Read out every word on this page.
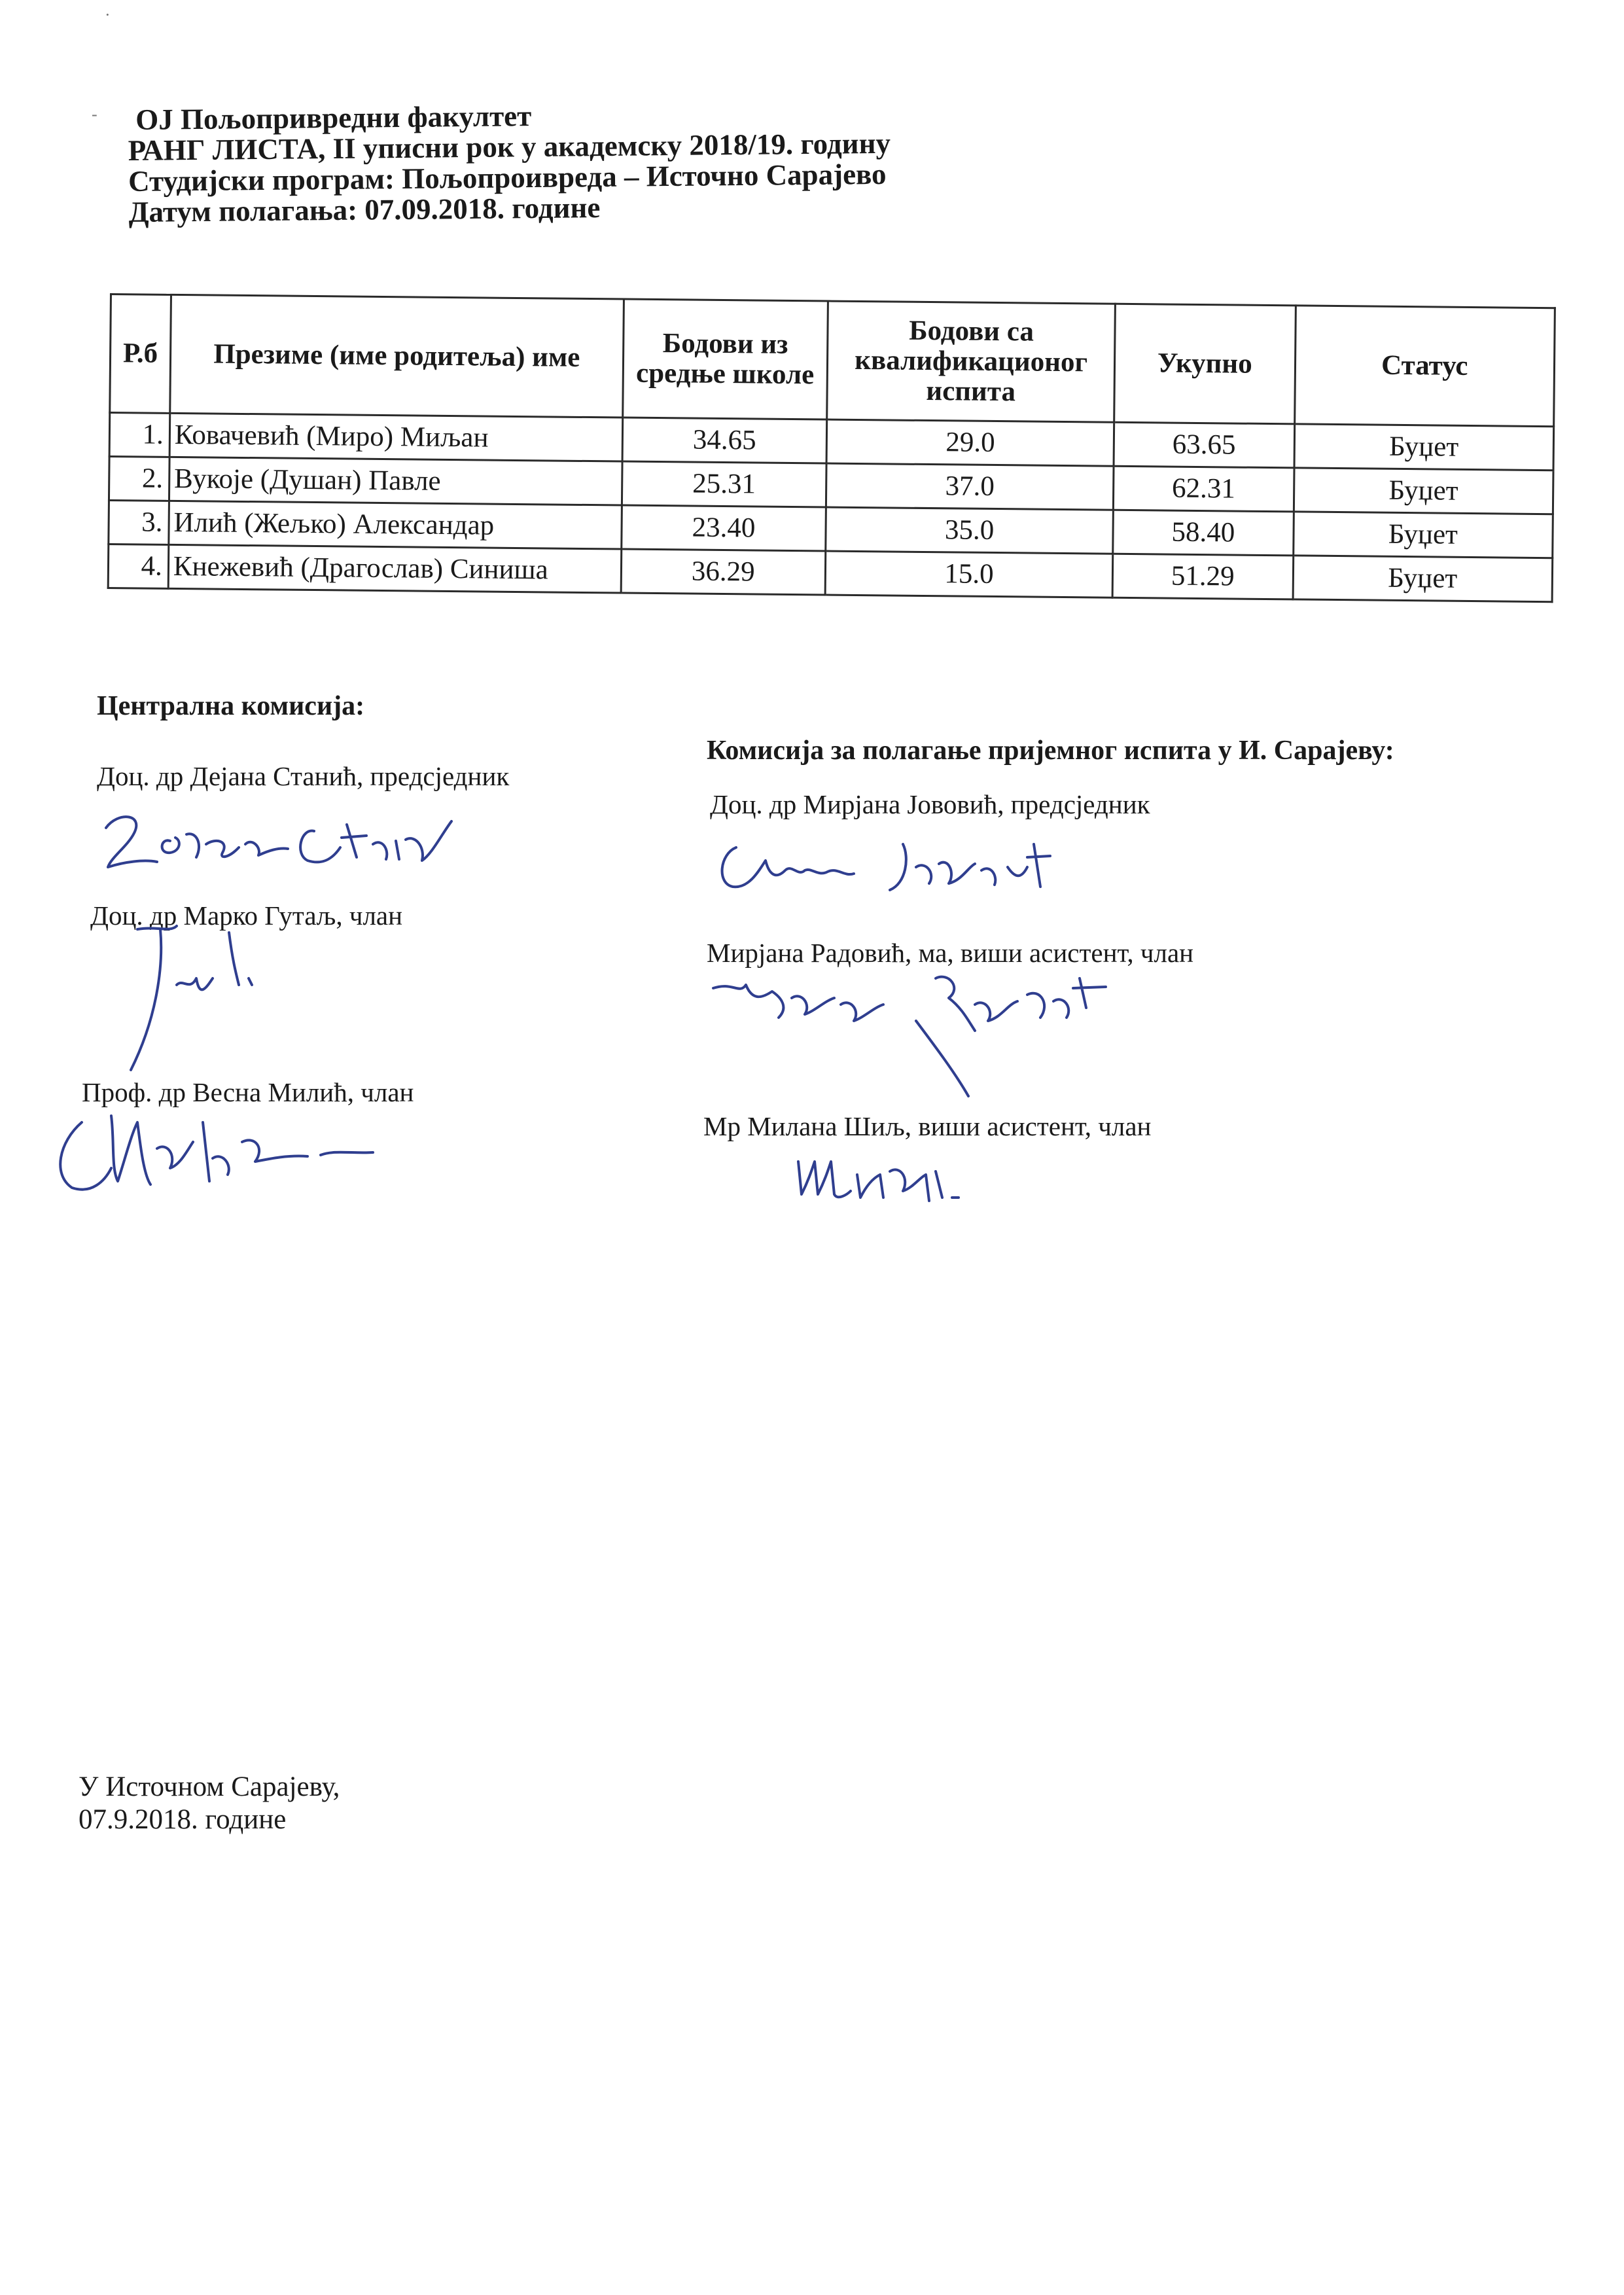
·
- ОЈ Пољопривредни факултет
РАНГ ЛИСТА, II уписни рок у академску 2018/19. годину
Студијски програм: Пољопроивреда – Источно Сарајево
Датум полагања: 07.09.2018. године
Р.б	Презиме (име родитеља) име	Бодови из средње школе	Бодови са квалификационог испита	Укупно	Статус
1.	Ковачевић (Миро) Миљан	34.65	29.0	63.65	Буџет
2.	Вукоје (Душан) Павле	25.31	37.0	62.31	Буџет
3.	Илић (Жељко) Александар	23.40	35.0	58.40	Буџет
4.	Кнежевић (Драгослав) Синиша	36.29	15.0	51.29	Буџет
Централна комисија:
Доц. др Дејана Станић, предсједник
Доц. др Марко Гутаљ, члан
Проф. др Весна Милић, члан
Комисија за полагање пријемног испита у И. Сарајеву:
Доц. др Мирјана Јововић, предсједник
Мирјана Радовић, ма, виши асистент, члан
Мр Милана Шиљ, виши асистент, члан
У Источном Сарајеву,
07.9.2018. године
